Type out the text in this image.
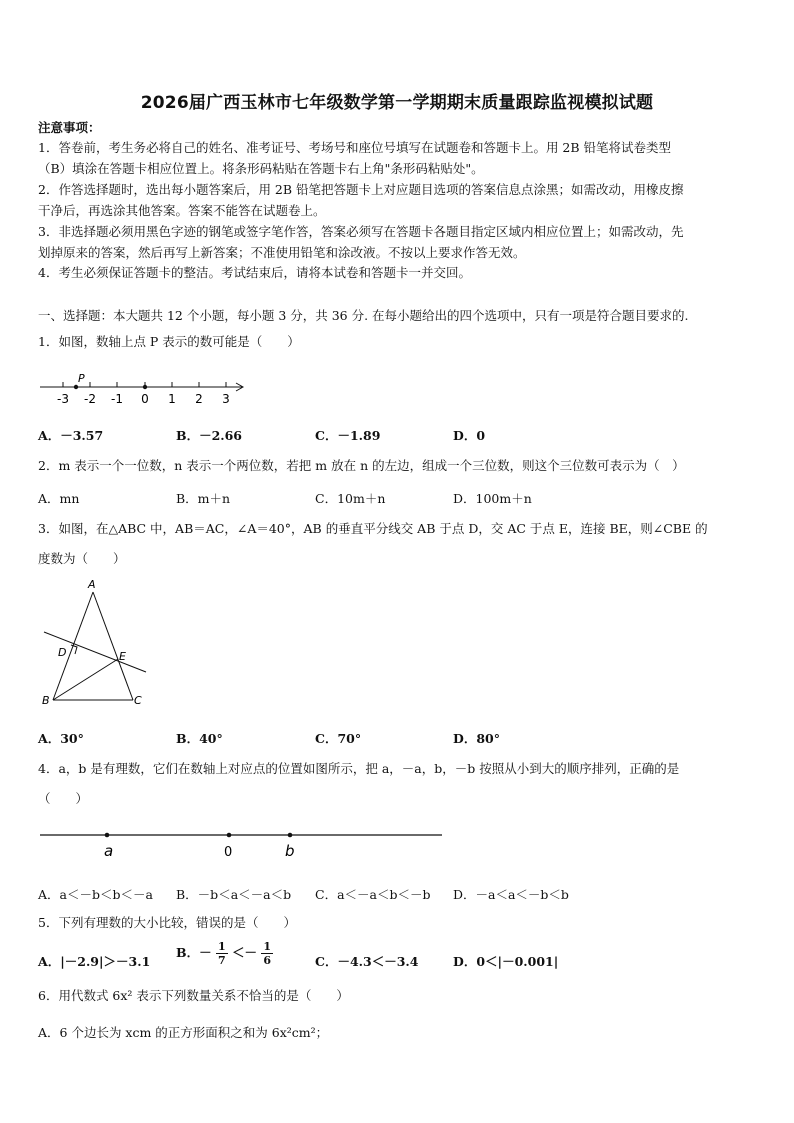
2026届广西玉林市七年级数学第一学期期末质量跟踪监视模拟试题
注意事项：
1．答卷前，考生务必将自己的姓名、准考证号、考场号和座位号填写在试题卷和答题卡上。用 2B 铅笔将试卷类型
（B）填涂在答题卡相应位置上。将条形码粘贴在答题卡右上角"条形码粘贴处"。
2．作答选择题时，选出每小题答案后，用 2B 铅笔把答题卡上对应题目选项的答案信息点涂黑；如需改动，用橡皮擦
干净后，再选涂其他答案。答案不能答在试题卷上。
3．非选择题必须用黑色字迹的钢笔或签字笔作答，答案必须写在答题卡各题目指定区域内相应位置上；如需改动，先
划掉原来的答案，然后再写上新答案；不准使用铅笔和涂改液。不按以上要求作答无效。
4．考生必须保证答题卡的整洁。考试结束后，请将本试卷和答题卡一并交回。
一、选择题：本大题共 12 个小题，每小题 3 分，共 36 分. 在每小题给出的四个选项中，只有一项是符合题目要求的.
1．如图，数轴上点 P 表示的数可能是（　　）
P
-3 -2 -1 0 1 2 3
A．－3.57	B．－2.66	C．－1.89	D．0
2．m 表示一个一位数，n 表示一个两位数，若把 m 放在 n 的左边，组成一个三位数，则这个三位数可表示为（　）
A．mn	B．m＋n	C．10m＋n	D．100m＋n
3．如图，在△ABC 中，AB＝AC，∠A＝40°，AB 的垂直平分线交 AB 于点 D，交 AC 于点 E，连接 BE，则∠CBE 的
度数为（　　）
A
B	C
D	E
A．30°	B．40°	C．70°	D．80°
4．a，b 是有理数，它们在数轴上对应点的位置如图所示，把 a，－a，b，－b 按照从小到大的顺序排列，正确的是
（　　）
a	0	b
A．a＜－b＜b＜－a B．－b＜a＜－a＜b C．a＜－a＜b＜－b D．－a＜a＜－b＜b
5．下列有理数的大小比较，错误的是（　　）
A．|－2.9|＞－3.1
B．－ $\frac{1}{7} <- \frac{1}{6}$	C．－4.3＜－3.4	D．0＜|－0.001|
6．用代数式 6x² 表示下列数量关系不恰当的是（　　）
A．6 个边长为 xcm 的正方形面积之和为 6x²cm²；
